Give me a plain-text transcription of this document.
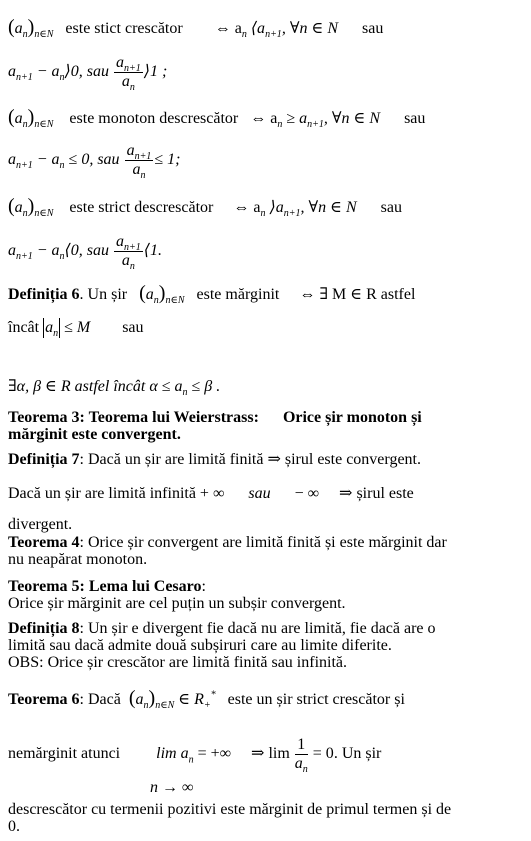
$(a_n)_{n\in N}$ este stict crescător ⇔ $a_n$ $⟨a_{n+1}$, ∀n ∈ N sau
$a_{n+1}$ − $a_n⟩0$, sau $\frac{a_{n+1}}{a_n}$ ⟩1 ;
$(a_n)_{n\in N}$ este monoton descrescător ⇔ $a_n \ge a_{n+1}$, ∀n ∈ N sau
$a_{n+1} - a_n \le 0$, sau $\frac{a_{n+1}}{a_n} \le 1$;
$(a_n)_{n\in N}$ este strict descrescător ⇔ $a_n$ $⟩a_{n+1}$, ∀n ∈ N sau
$a_{n+1}$ − $a_n⟨0$, sau $\frac{a_{n+1}}{a_n}$ ⟨1.
Definiția 6. Un șir $(a_n)_{n\in N}$ este mărginit ⇔ ∃ M ∈ R astfel
încât $a_n \le M$ sau
∃α, β ∈ R astfel încât $\alpha \le a_n \le \beta$ .
Teorema 3: Teorema lui Weierstrass: Orice șir monoton și
mărginit este convergent.
Definiția 7: Dacă un șir are limită finită ⇒ șirul este convergent.
Dacă un șir are limită infinită + ∞ sau − ∞ ⇒ șirul este
divergent.
Teorema 4: Orice șir convergent are limită finită și este mărginit dar
nu neapărat monoton.
Teorema 5: Lema lui Cesaro:
Orice șir mărginit are cel puțin un subșir convergent.
Definiția 8: Un șir e divergent fie dacă nu are limită, fie dacă are o
limită sau dacă admite două subșiruri care au limite diferite.
OBS: Orice șir crescător are limită finită sau infinită.
Teorema 6: Dacă $(a_n)_{n\in N}$ ∈ $R_+^*$ este un șir strict crescător și
nemărginit atunci $\lim a_n$ = +∞ ⇒ $\lim \frac{1}{a_n} = 0$. Un șir
n → ∞
descrescător cu termenii pozitivi este mărginit de primul termen și de
0.
